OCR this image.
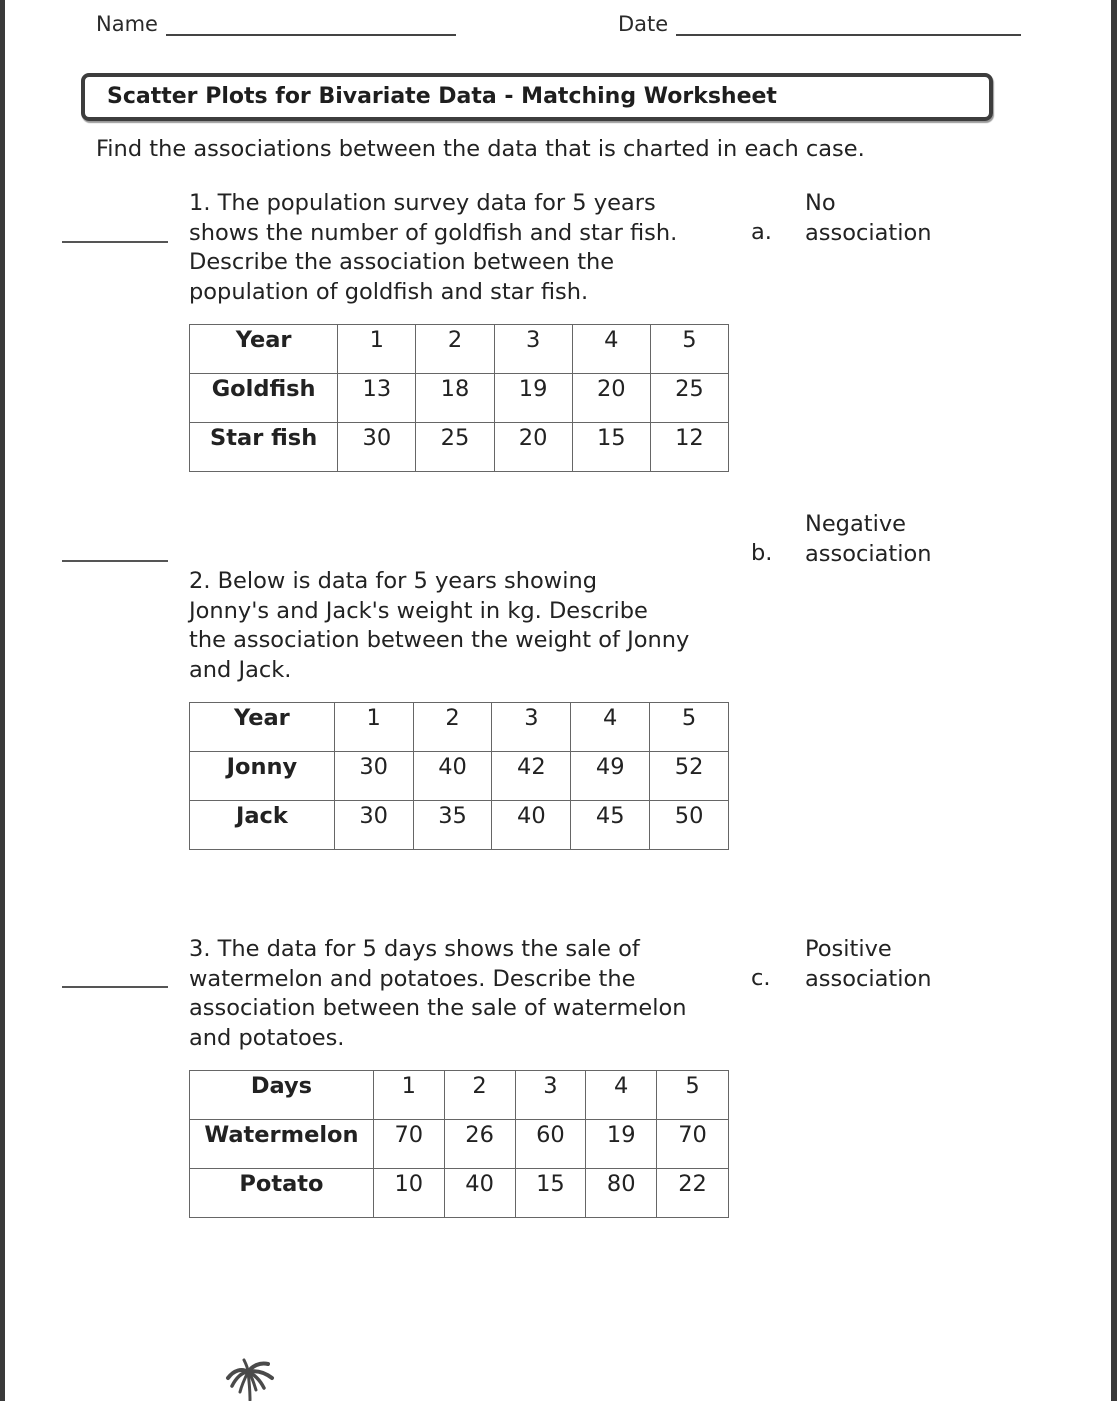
Name	Date
Scatter Plots for Bivariate Data - Matching Worksheet
Find the associations between the data that is charted in each case.
1. The population survey data for 5 years
shows the number of goldfish and star fish.
Describe the association between the
population of goldfish and star fish.
Year	1	2	3	4	5
Goldfish	13	18	19	20	25
Star fish	30	25	20	15	12
No
association
a.
2. Below is data for 5 years showing
Jonny's and Jack's weight in kg. Describe
the association between the weight of Jonny
and Jack.
Year	1	2	3	4	5
Jonny	30	40	42	49	52
Jack	30	35	40	45	50
Negative
association
b.
3. The data for 5 days shows the sale of
watermelon and potatoes. Describe the
association between the sale of watermelon
and potatoes.
Days	1	2	3	4	5
Watermelon	70	26	60	19	70
Potato	10	40	15	80	22
Positive
association
c.
